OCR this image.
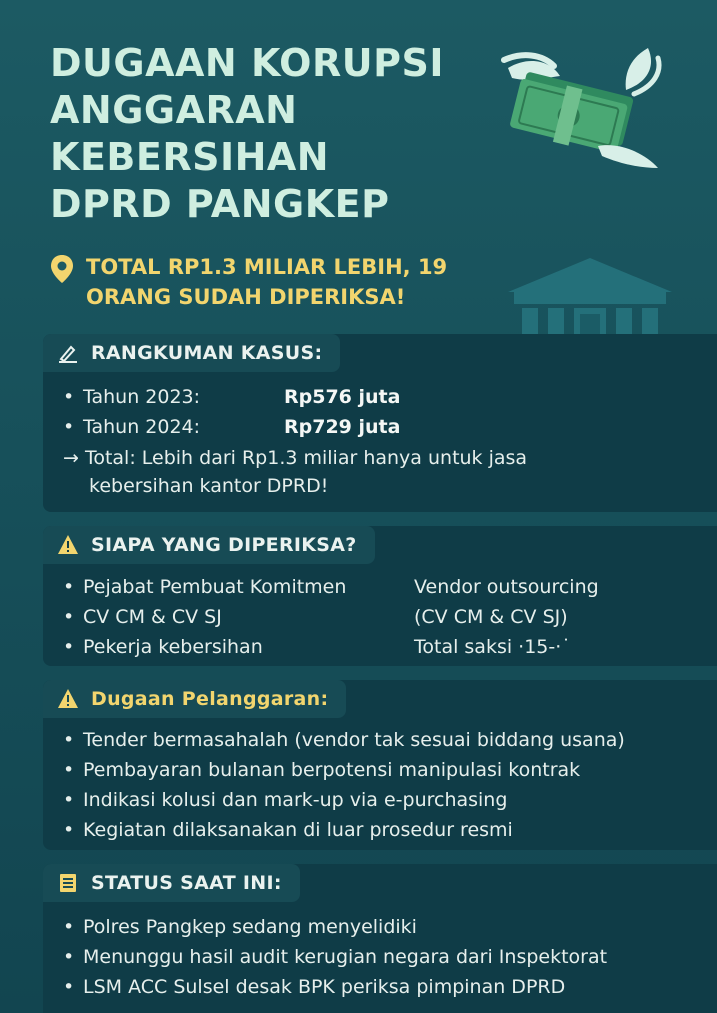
DUGAAN KORUPSI
ANGGARAN
KEBERSIHAN
DPRD PANGKEP
TOTAL RP1.3 MILIAR LEBIH, 19
ORANG SUDAH DIPERIKSA!
RANGKUMAN KASUS:
• Tahun 2023:	Rp576 juta
• Tahun 2024:	Rp729 juta
→ Total: Lebih dari Rp1.3 miliar hanya untuk jasa
kebersihan kantor DPRD!
SIAPA YANG DIPERIKSA?
• Pejabat Pembuat Komitmen	Vendor outsourcing
• CV CM & CV SJ	(CV CM & CV SJ)
• Pekerja kebersihan	Total saksi ·15-·˙
Dugaan Pelanggaran:
• Tender bermasahalah (vendor tak sesuai biddang usana)
• Pembayaran bulanan berpotensi manipulasi kontrak
• Indikasi kolusi dan mark-up via e-purchasing
• Kegiatan dilaksanakan di luar prosedur resmi
STATUS SAAT INI:
• Polres Pangkep sedang menyelidiki
• Menunggu hasil audit kerugian negara dari Inspektorat
• LSM ACC Sulsel desak BPK periksa pimpinan DPRD
